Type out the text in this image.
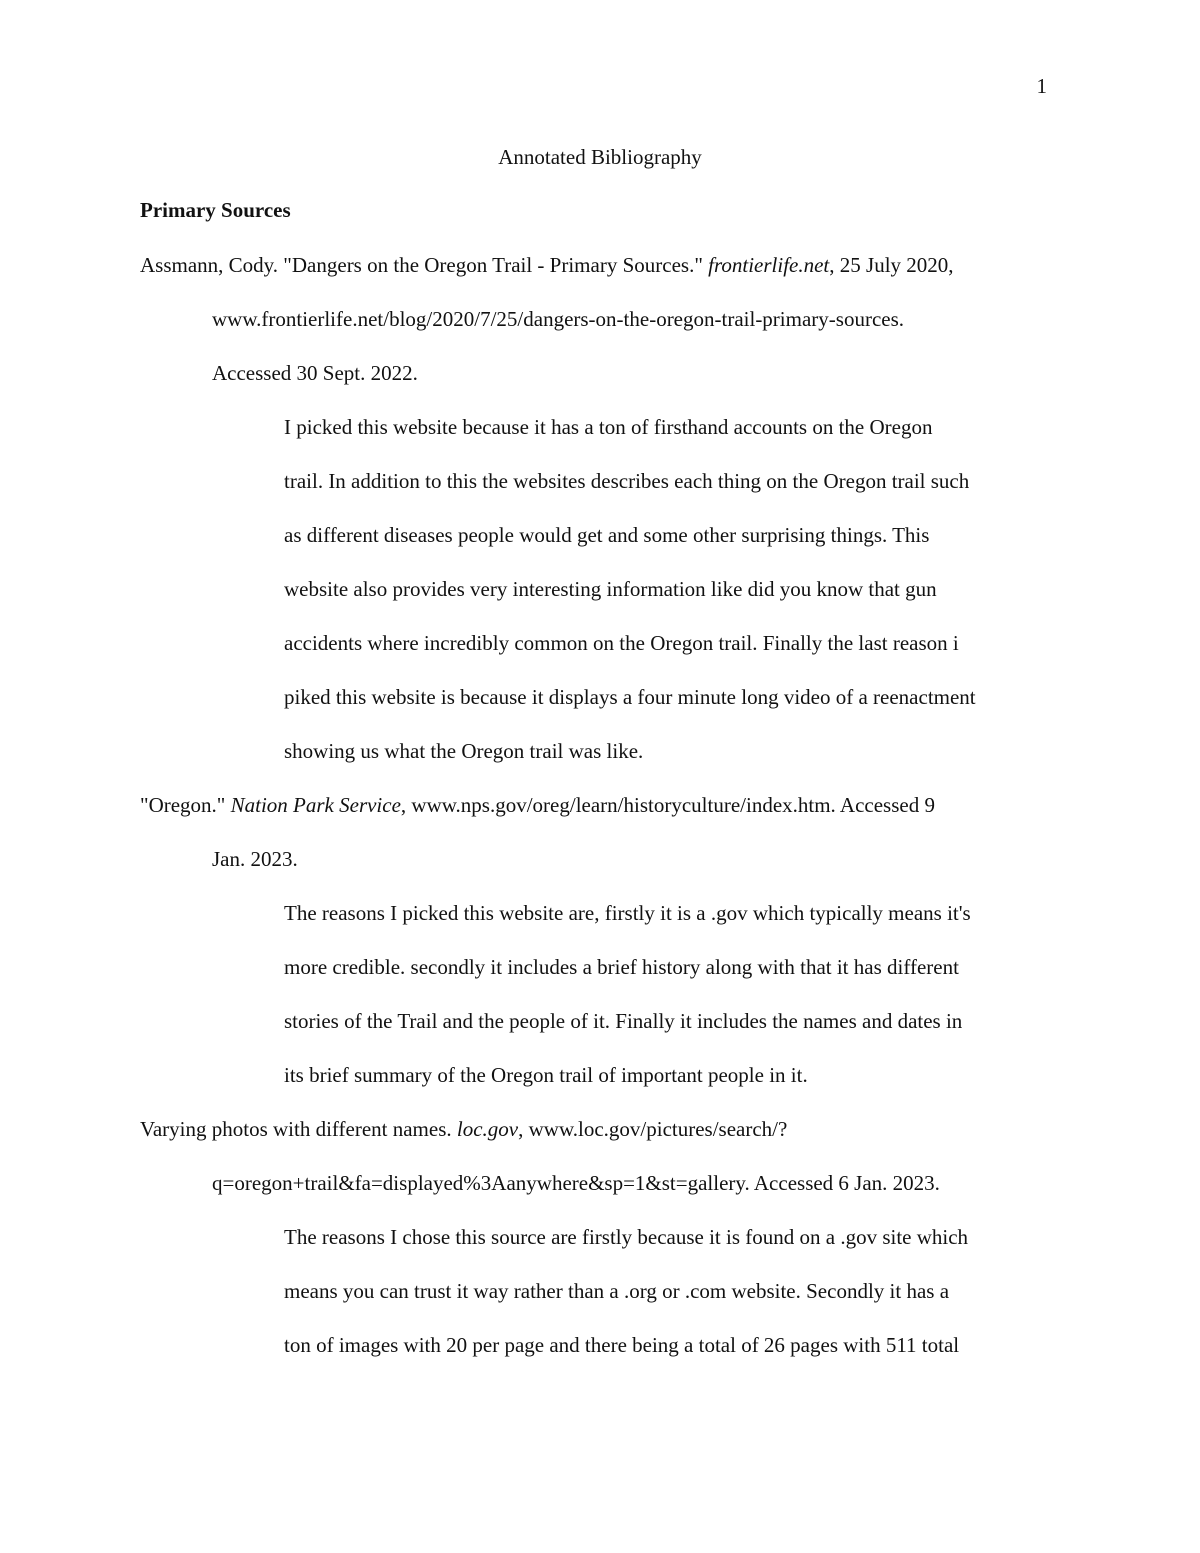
1
Annotated Bibliography
Primary Sources
Assmann, Cody. "Dangers on the Oregon Trail - Primary Sources." frontierlife.net, 25 July 2020,
www.frontierlife.net/blog/2020/7/25/dangers-on-the-oregon-trail-primary-sources.
Accessed 30 Sept. 2022.
I picked this website because it has a ton of firsthand accounts on the Oregon
trail. In addition to this the websites describes each thing on the Oregon trail such
as different diseases people would get and some other surprising things. This
website also provides very interesting information like did you know that gun
accidents where incredibly common on the Oregon trail. Finally the last reason i
piked this website is because it displays a four minute long video of a reenactment
showing us what the Oregon trail was like.
"Oregon." Nation Park Service, www.nps.gov/oreg/learn/historyculture/index.htm. Accessed 9
Jan. 2023.
The reasons I picked this website are, firstly it is a .gov which typically means it's
more credible. secondly it includes a brief history along with that it has different
stories of the Trail and the people of it. Finally it includes the names and dates in
its brief summary of the Oregon trail of important people in it.
Varying photos with different names. loc.gov, www.loc.gov/pictures/search/?
q=oregon+trail&fa=displayed%3Aanywhere&sp=1&st=gallery. Accessed 6 Jan. 2023.
The reasons I chose this source are firstly because it is found on a .gov site which
means you can trust it way rather than a .org or .com website. Secondly it has a
ton of images with 20 per page and there being a total of 26 pages with 511 total
